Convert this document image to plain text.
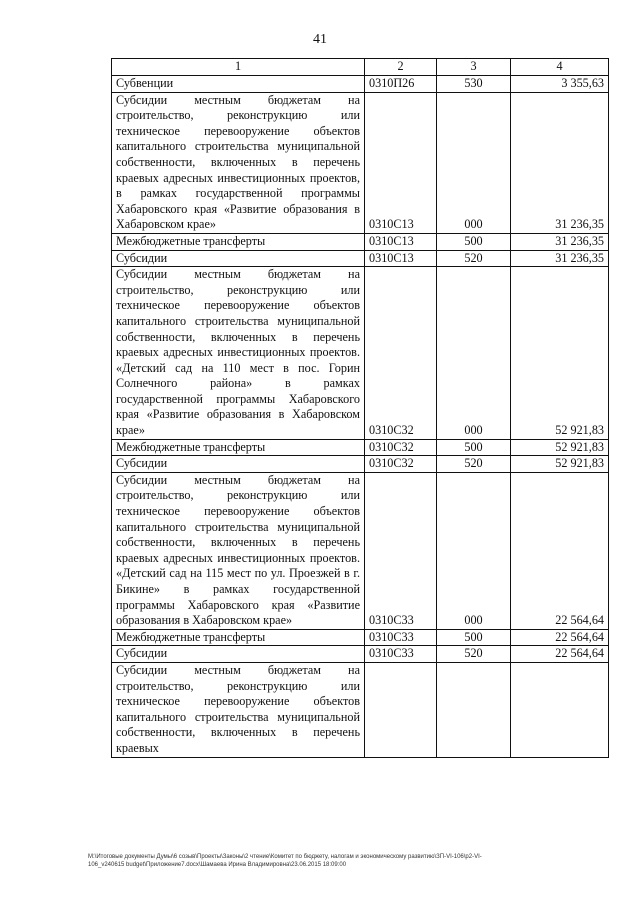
41
1	2	3	4
Субвенции	0310П26	530	3 355,63
Субсидии местным бюджетам на строительство, реконструкцию или техническое перевооружение объектов капитального строительства муниципальной собственности, включенных в перечень краевых адресных инвестиционных проектов, в рамках государственной программы Хабаровского края «Развитие образования в Хабаровском крае»	0310С13	000	31 236,35
Межбюджетные трансферты	0310С13	500	31 236,35
Субсидии	0310С13	520	31 236,35
Субсидии местным бюджетам на строительство, реконструкцию или техническое перевооружение объектов капитального строительства муниципальной собственности, включенных в перечень краевых адресных инвестиционных проектов. «Детский сад на 110 мест в пос. Горин Солнечного района» в рамках государственной программы Хабаровского края «Развитие образования в Хабаровском крае»	0310С32	000	52 921,83
Межбюджетные трансферты	0310С32	500	52 921,83
Субсидии	0310С32	520	52 921,83
Субсидии местным бюджетам на строительство, реконструкцию или техническое перевооружение объектов капитального строительства муниципальной собственности, включенных в перечень краевых адресных инвестиционных проектов. «Детский сад на 115 мест по ул. Проезжей в г. Бикине» в рамках государственной программы Хабаровского края «Развитие образования в Хабаровском крае»	0310С33	000	22 564,64
Межбюджетные трансферты	0310С33	500	22 564,64
Субсидии	0310С33	520	22 564,64
Субсидии местным бюджетам на строительство, реконструкцию или техническое перевооружение объектов капитального строительства муниципальной собственности, включенных в перечень краевых			
M:\Итоговые документы Думы\6 созыв\Проекты\Законы\2 чтение\Комитет по бюджету, налогам и экономическому развитию\ЗП-VI-106\р2-VI-
106_v240615 budget\Приложение7.docx\Шамаева Ирина Владимировна\23.06.2015 18:09:00
